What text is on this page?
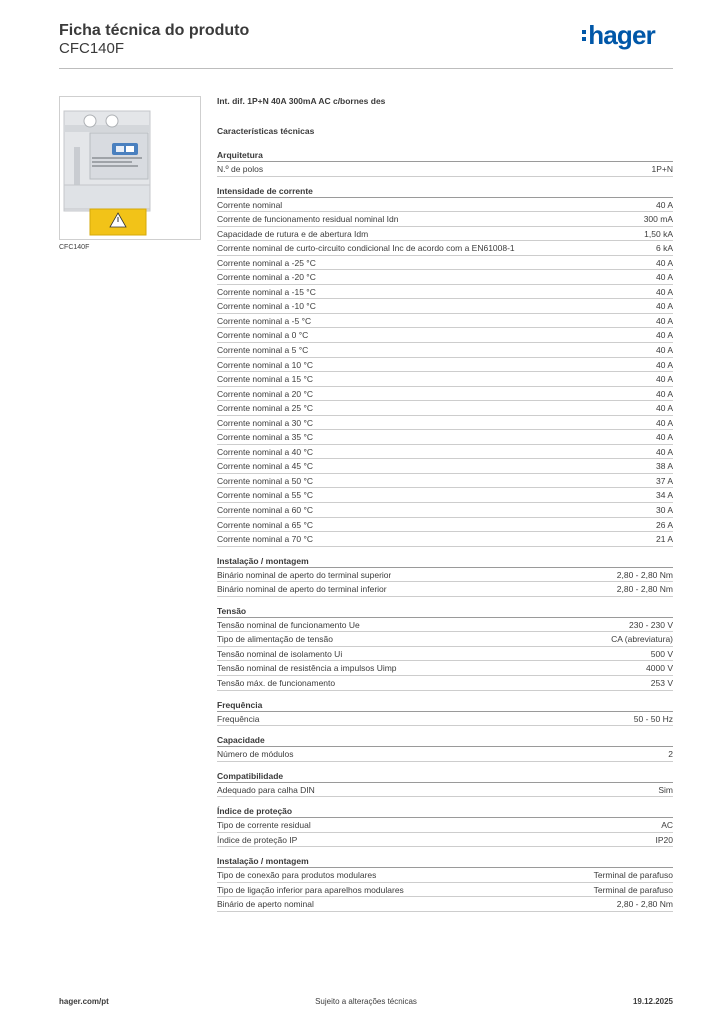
Ficha técnica do produto
CFC140F	hager
CFC140F
Int. dif. 1P+N 40A 300mA AC c/bornes des
Características técnicas
Arquitetura
N.º de polos	1P+N
Intensidade de corrente
Corrente nominal	40 A
Corrente de funcionamento residual nominal Idn	300 mA
Capacidade de rutura e de abertura Idm	1,50 kA
Corrente nominal de curto-circuito condicional Inc de acordo com a EN61008-1	6 kA
Corrente nominal a -25 °C	40 A
Corrente nominal a -20 °C	40 A
Corrente nominal a -15 °C	40 A
Corrente nominal a -10 °C	40 A
Corrente nominal a -5 °C	40 A
Corrente nominal a 0 °C	40 A
Corrente nominal a 5 °C	40 A
Corrente nominal a 10 °C	40 A
Corrente nominal a 15 °C	40 A
Corrente nominal a 20 °C	40 A
Corrente nominal a 25 °C	40 A
Corrente nominal a 30 °C	40 A
Corrente nominal a 35 °C	40 A
Corrente nominal a 40 °C	40 A
Corrente nominal a 45 °C	38 A
Corrente nominal a 50 °C	37 A
Corrente nominal a 55 °C	34 A
Corrente nominal a 60 °C	30 A
Corrente nominal a 65 °C	26 A
Corrente nominal a 70 °C	21 A
Instalação / montagem
Binário nominal de aperto do terminal superior	2,80 - 2,80 Nm
Binário nominal de aperto do terminal inferior	2,80 - 2,80 Nm
Tensão
Tensão nominal de funcionamento Ue	230 - 230 V
Tipo de alimentação de tensão	CA (abreviatura)
Tensão nominal de isolamento Ui	500 V
Tensão nominal de resistência a impulsos Uimp	4000 V
Tensão máx. de funcionamento	253 V
Frequência
Frequência	50 - 50 Hz
Capacidade
Número de módulos	2
Compatibilidade
Adequado para calha DIN	Sim
Índice de proteção
Tipo de corrente residual	AC
Índice de proteção IP	IP20
Instalação / montagem
Tipo de conexão para produtos modulares	Terminal de parafuso
Tipo de ligação inferior para aparelhos modulares	Terminal de parafuso
Binário de aperto nominal	2,80 - 2,80 Nm
hager.com/pt	Sujeito a alterações técnicas	19.12.2025
